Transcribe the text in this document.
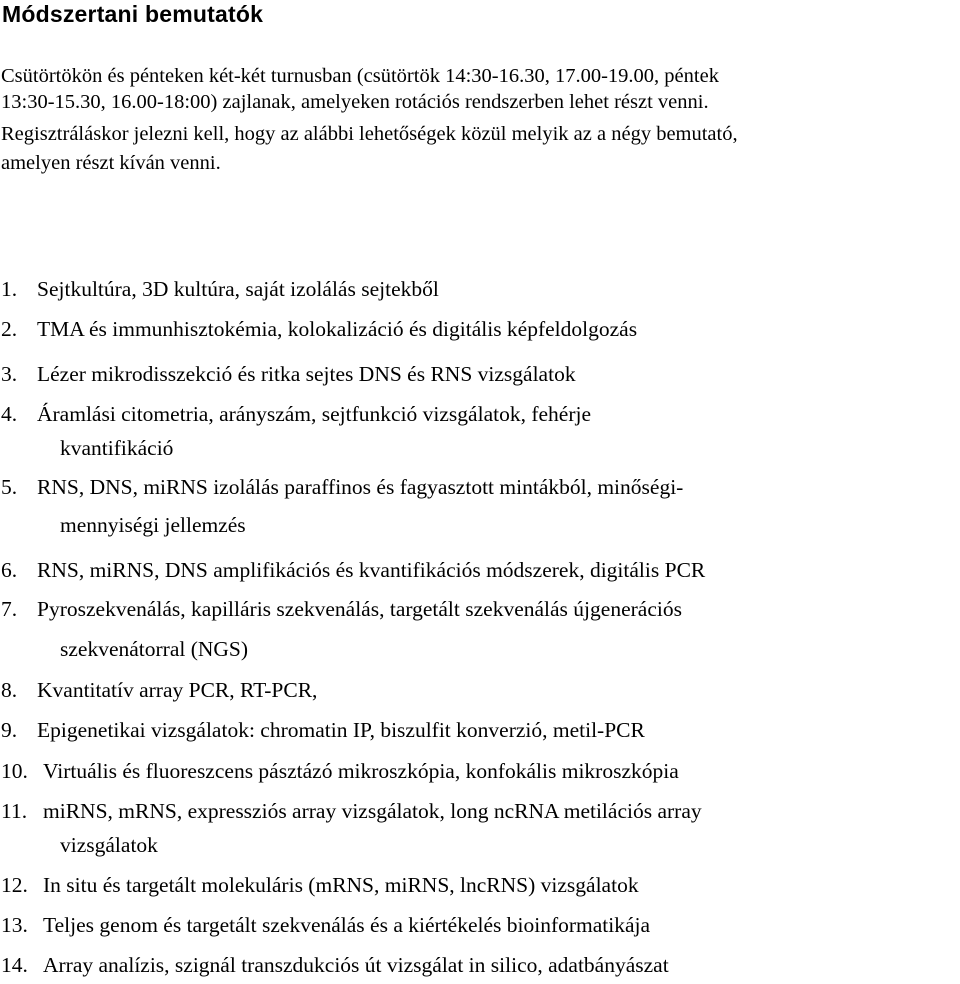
Módszertani bemutatók

Csütörtökön és pénteken két-két turnusban (csütörtök 14:30-16.30, 17.00-19.00, péntek
13:30-15.30, 16.00-18:00) zajlanak, amelyeken rotációs rendszerben lehet részt venni.
Regisztráláskor jelezni kell, hogy az alábbi lehetőségek közül melyik az a négy bemutató,
amelyen részt kíván venni.

1. Sejtkultúra, 3D kultúra, saját izolálás sejtekből
2. TMA és immunhisztokémia, kolokalizáció és digitális képfeldolgozás
3. Lézer mikrodisszekció és ritka sejtes DNS és RNS vizsgálatok
4. Áramlási citometria, arányszám, sejtfunkció vizsgálatok, fehérje
kvantifikáció
5. RNS, DNS, miRNS izolálás paraffinos és fagyasztott mintákból, minőségi-
mennyiségi jellemzés
6. RNS, miRNS, DNS amplifikációs és kvantifikációs módszerek, digitális PCR
7. Pyroszekvenálás, kapilláris szekvenálás, targetált szekvenálás újgenerációs
szekvenátorral (NGS)
8. Kvantitatív array PCR, RT-PCR,
9. Epigenetikai vizsgálatok: chromatin IP, biszulfit konverzió, metil-PCR
10. Virtuális és fluoreszcens pásztázó mikroszkópia, konfokális mikroszkópia
11. miRNS, mRNS, expressziós array vizsgálatok, long ncRNA metilációs array
vizsgálatok
12. In situ és targetált molekuláris (mRNS, miRNS, lncRNS) vizsgálatok
13. Teljes genom és targetált szekvenálás és a kiértékelés bioinformatikája
14. Array analízis, szignál transzdukciós út vizsgálat in silico, adatbányászat
